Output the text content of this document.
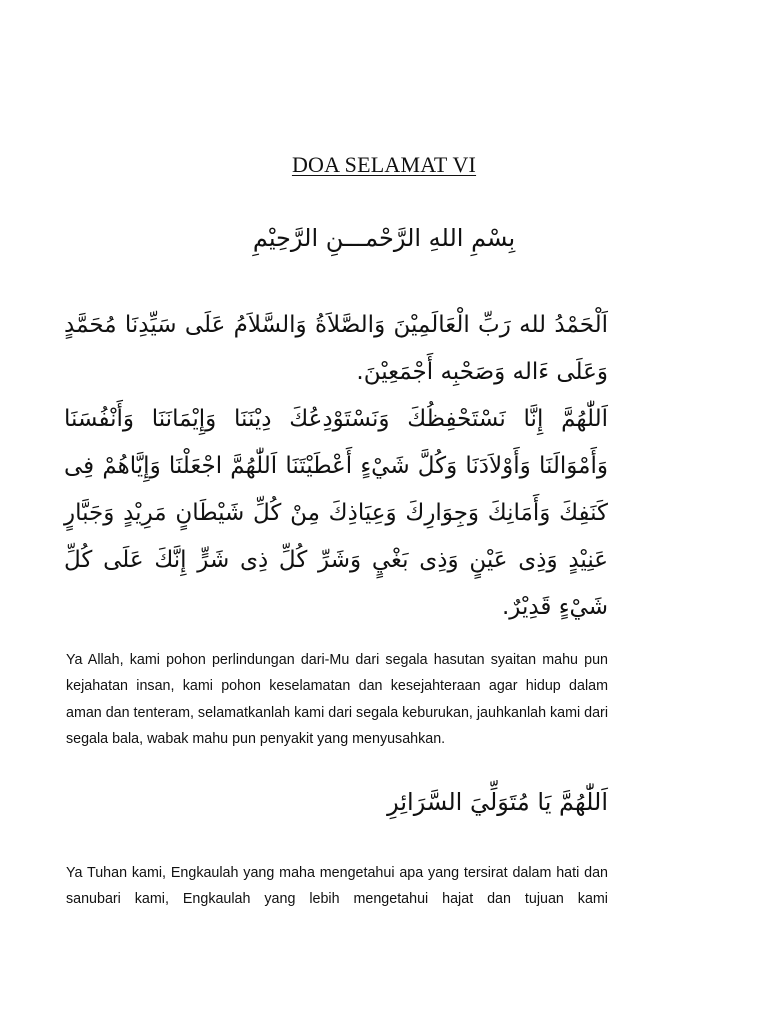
DOA SELAMAT VI
بِسْمِ اللهِ الرَّحْمـــنِ الرَّحِيْمِ

اَلْحَمْدُ لله رَبِّ الْعَالَمِيْنَ وَالصَّلاَةُ وَالسَّلاَمُ عَلَى سَيِّدِنَا مُحَمَّدٍ وَعَلَى ءَاله وَصَحْبِه أَجْمَعِيْنَ.

اَللّٰهُمَّ إِنَّا نَسْتَحْفِظُكَ وَنَسْتَوْدِعُكَ دِيْنَنَا وَإِيْمَانَنَا وَأَنْفُسَنَا وَأَمْوَالَنَا وَأَوْلاَدَنَا وَكُلَّ شَيْءٍ أَعْطَيْتَنَا اَللّٰهُمَّ اجْعَلْنَا وَإِيَّاهُمْ فِى كَنَفِكَ وَأَمَانِكَ وَجِوَارِكَ وَعِيَاذِكَ مِنْ كُلِّ شَيْطَانٍ مَرِيْدٍ وَجَبَّارٍ عَنِيْدٍ وَذِى عَيْنٍ وَذِى بَغْيٍ وَشَرِّ كُلِّ ذِى شَرٍّ إِنَّكَ عَلَى كُلِّ شَيْءٍ قَدِيْرٌ.

Ya Allah, kami pohon perlindungan dari-Mu dari segala hasutan syaitan mahu pun kejahatan insan, kami pohon keselamatan dan kesejahteraan agar hidup dalam aman dan tenteram, selamatkanlah kami dari segala keburukan, jauhkanlah kami dari segala bala, wabak mahu pun penyakit yang menyusahkan.
اَللّٰهُمَّ يَا مُتَوَلِّيَ السَّرَائِرِ
Ya Tuhan kami, Engkaulah yang maha mengetahui apa yang tersirat dalam hati dan sanubari kami, Engkaulah yang lebih mengetahui hajat dan tujuan kami
